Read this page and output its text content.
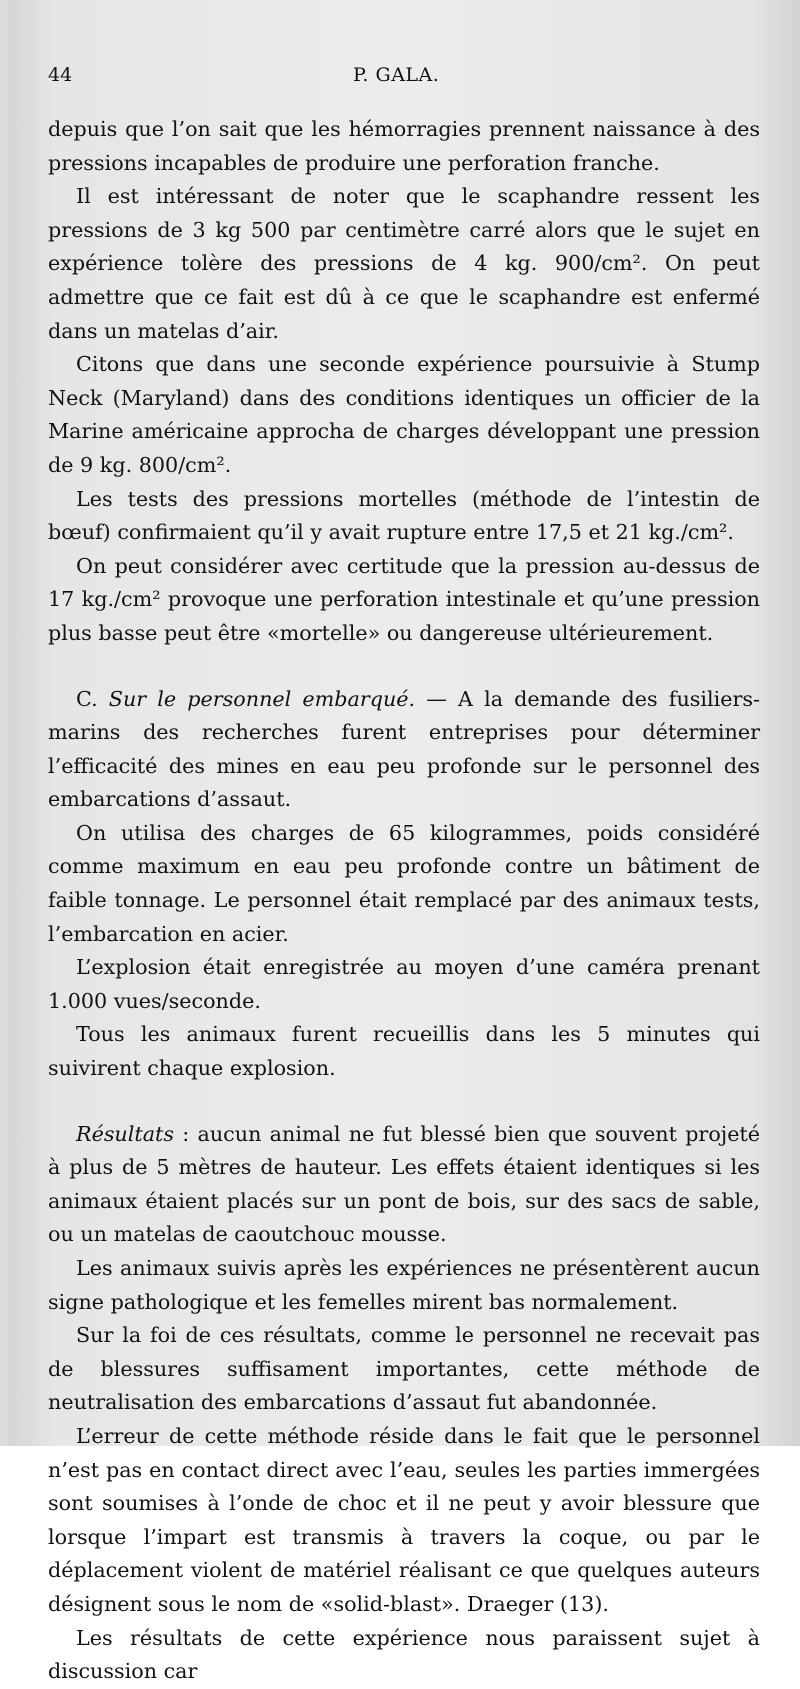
44	P. GALA.

depuis que l’on sait que les hémorragies prennent naissance à des pressions incapables de produire une perforation franche.

Il est intéressant de noter que le scaphandre ressent les pressions de 3 kg 500 par centimètre carré alors que le sujet en expérience tolère des pressions de 4 kg. 900/cm². On peut admettre que ce fait est dû à ce que le scaphandre est enfermé dans un matelas d’air.

Citons que dans une seconde expérience poursuivie à Stump Neck (Maryland) dans des conditions identiques un officier de la Marine américaine approcha de charges développant une pression de 9 kg. 800/cm².

Les tests des pressions mortelles (méthode de l’intestin de bœuf) confirmaient qu’il y avait rupture entre 17,5 et 21 kg./cm².

On peut considérer avec certitude que la pression au-dessus de 17 kg./cm² provoque une perforation intestinale et qu’une pression plus basse peut être «mortelle» ou dangereuse ultérieurement.

C. Sur le personnel embarqué. — A la demande des fusiliers-marins des recherches furent entreprises pour déterminer l’efficacité des mines en eau peu profonde sur le personnel des embarcations d’assaut.

On utilisa des charges de 65 kilogrammes, poids considéré comme maximum en eau peu profonde contre un bâtiment de faible tonnage. Le personnel était remplacé par des animaux tests, l’embarcation en acier.

L’explosion était enregistrée au moyen d’une caméra prenant 1.000 vues/seconde.

Tous les animaux furent recueillis dans les 5 minutes qui suivirent chaque explosion.

Résultats : aucun animal ne fut blessé bien que souvent projeté à plus de 5 mètres de hauteur. Les effets étaient identiques si les animaux étaient placés sur un pont de bois, sur des sacs de sable, ou un matelas de caoutchouc mousse.

Les animaux suivis après les expériences ne présentèrent aucun signe pathologique et les femelles mirent bas normalement.

Sur la foi de ces résultats, comme le personnel ne recevait pas de blessures suffisament importantes, cette méthode de neutralisation des embarcations d’assaut fut abandonnée.

L’erreur de cette méthode réside dans le fait que le personnel n’est pas en contact direct avec l’eau, seules les parties immergées sont soumises à l’onde de choc et il ne peut y avoir blessure que lorsque l’impart est transmis à travers la coque, ou par le déplacement violent de matériel réalisant ce que quelques auteurs désignent sous le nom de «solid-blast». Draeger (13).

Les résultats de cette expérience nous paraissent sujet à discussion car
